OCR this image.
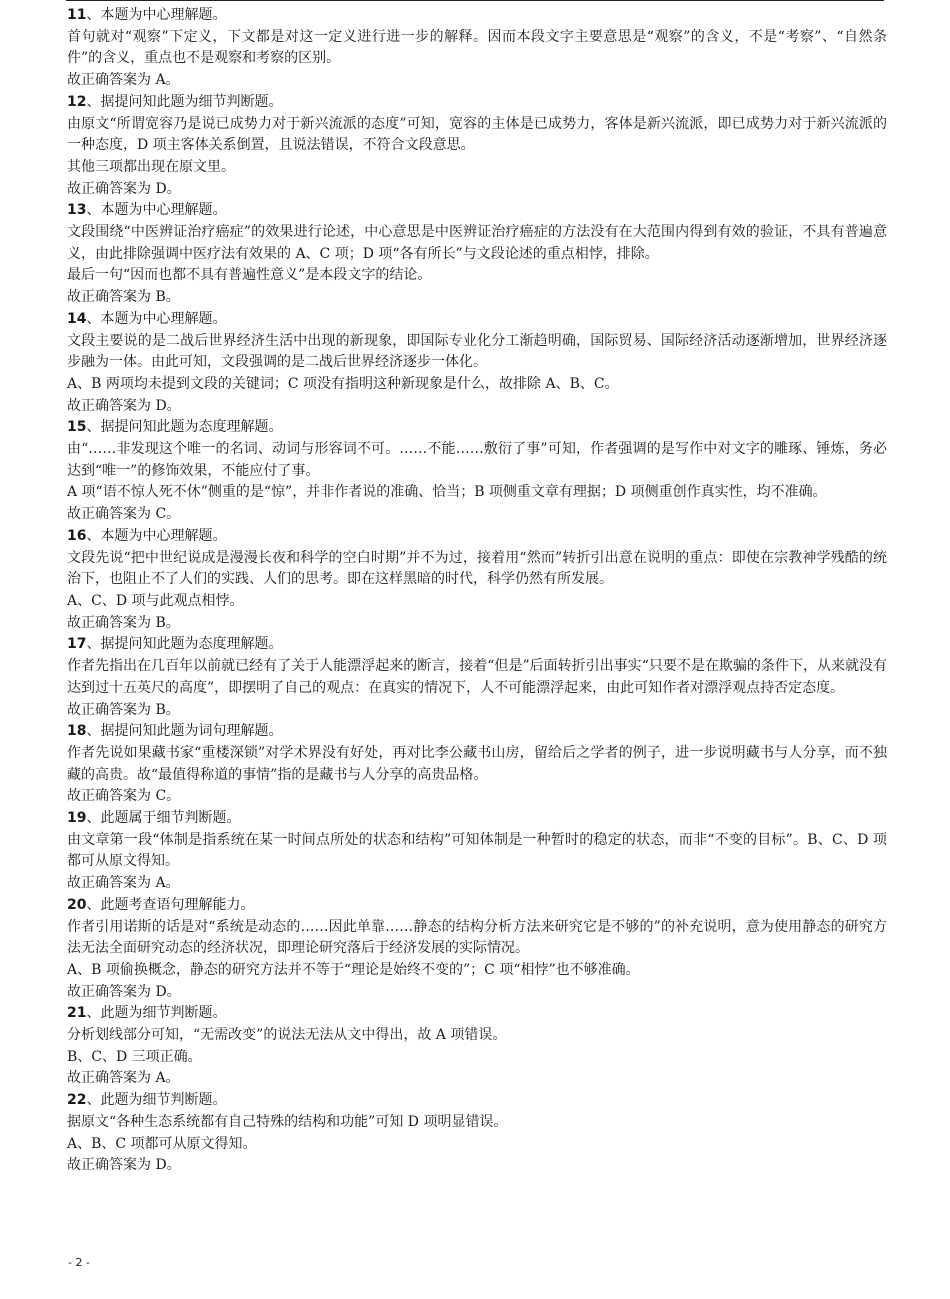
11、本题为中心理解题。
首句就对“观察”下定义，下文都是对这一定义进行进一步的解释。因而本段文字主要意思是“观察”的含义，不是“考察”、“自然条件”的含义，重点也不是观察和考察的区别。
故正确答案为 A。
12、据提问知此题为细节判断题。
由原文“所谓宽容乃是说已成势力对于新兴流派的态度”可知，宽容的主体是已成势力，客体是新兴流派，即已成势力对于新兴流派的一种态度，D 项主客体关系倒置，且说法错误，不符合文段意思。
其他三项都出现在原文里。
故正确答案为 D。
13、本题为中心理解题。
文段围绕“中医辨证治疗癌症”的效果进行论述，中心意思是中医辨证治疗癌症的方法没有在大范围内得到有效的验证，不具有普遍意义，由此排除强调中医疗法有效果的 A、C 项；D 项“各有所长”与文段论述的重点相悖，排除。
最后一句“因而也都不具有普遍性意义”是本段文字的结论。
故正确答案为 B。
14、本题为中心理解题。
文段主要说的是二战后世界经济生活中出现的新现象，即国际专业化分工渐趋明确，国际贸易、国际经济活动逐渐增加，世界经济逐步融为一体。由此可知，文段强调的是二战后世界经济逐步一体化。
A、B 两项均未提到文段的关键词；C 项没有指明这种新现象是什么，故排除 A、B、C。
故正确答案为 D。
15、据提问知此题为态度理解题。
由“……非发现这个唯一的名词、动词与形容词不可。……不能……敷衍了事”可知，作者强调的是写作中对文字的雕琢、锤炼，务必达到“唯一”的修饰效果，不能应付了事。
A 项“语不惊人死不休”侧重的是“惊”，并非作者说的准确、恰当；B 项侧重文章有理据；D 项侧重创作真实性，均不准确。
故正确答案为 C。
16、本题为中心理解题。
文段先说“把中世纪说成是漫漫长夜和科学的空白时期”并不为过，接着用“然而”转折引出意在说明的重点：即使在宗教神学残酷的统治下，也阻止不了人们的实践、人们的思考。即在这样黑暗的时代，科学仍然有所发展。
A、C、D 项与此观点相悖。
故正确答案为 B。
17、据提问知此题为态度理解题。
作者先指出在几百年以前就已经有了关于人能漂浮起来的断言，接着“但是”后面转折引出事实“只要不是在欺骗的条件下，从来就没有达到过十五英尺的高度”，即摆明了自己的观点：在真实的情况下，人不可能漂浮起来，由此可知作者对漂浮观点持否定态度。
故正确答案为 B。
18、据提问知此题为词句理解题。
作者先说如果藏书家“重楼深锁”对学术界没有好处，再对比李公藏书山房，留给后之学者的例子，进一步说明藏书与人分享，而不独藏的高贵。故“最值得称道的事情”指的是藏书与人分享的高贵品格。
故正确答案为 C。
19、此题属于细节判断题。
由文章第一段“体制是指系统在某一时间点所处的状态和结构”可知体制是一种暂时的稳定的状态，而非“不变的目标”。B、C、D 项都可从原文得知。
故正确答案为 A。
20、此题考查语句理解能力。
作者引用诺斯的话是对“系统是动态的……因此单靠……静态的结构分析方法来研究它是不够的”的补充说明，意为使用静态的研究方法无法全面研究动态的经济状况，即理论研究落后于经济发展的实际情况。
A、B 项偷换概念，静态的研究方法并不等于“理论是始终不变的”；C 项“相悖”也不够准确。
故正确答案为 D。
21、此题为细节判断题。
分析划线部分可知，“无需改变”的说法无法从文中得出，故 A 项错误。
B、C、D 三项正确。
故正确答案为 A。
22、此题为细节判断题。
据原文“各种生态系统都有自己特殊的结构和功能”可知 D 项明显错误。
A、B、C 项都可从原文得知。
故正确答案为 D。
- 2 -
